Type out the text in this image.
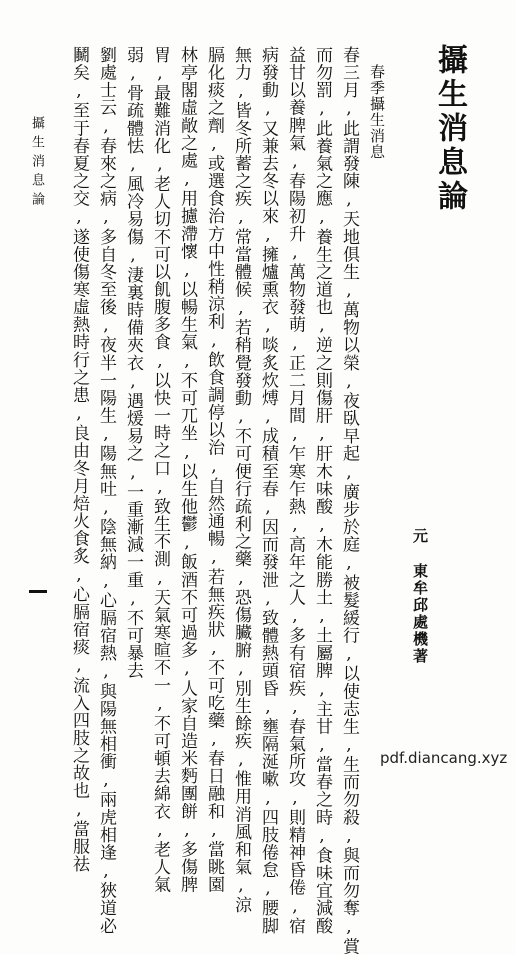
攝生消息論
元東牟邱處機著
春季攝生消息
春三月,此謂發陳,天地俱生,萬物以榮,夜臥早起,廣步於庭,被髮緩行,以使志生,生而勿殺,與而勿奪,賞
而勿罰,此養氣之應,養生之道也,逆之則傷肝,肝木味酸,木能勝土,土屬脾,主甘,當春之時,食味宜減酸
益甘以養脾氣,春陽初升,萬物發萌,正二月間,乍寒乍熱,高年之人,多有宿疾,春氣所攻,則精神昏倦,宿
病發動,又兼去冬以來,擁爐熏衣,啖炙炊煿,成積至春,因而發泄,致體熱頭昏,壅隔涎嗽,四肢倦怠,腰脚
無力,皆冬所蓄之疾,常當體候,若稍覺發動,不可便行疏利之藥,恐傷臟腑,別生餘疾,惟用消風和氣,涼
膈化痰之劑,或選食治方中性稍涼利,飲食調停以治,自然通暢,若無疾狀,不可吃藥,春日融和,當眺園
林亭閣虛敞之處,用攄滯懷,以暢生氣,不可兀坐,以生他鬱,飯酒不可過多,人家自造米麪團餅,多傷脾
胃,最難消化,老人切不可以飢腹多食,以快一時之口,致生不測,天氣寒暄不一,不可頓去綿衣,老人氣
弱,骨疏體怯,風冷易傷,淒裏時備夾衣,遇煖易之,一重漸減一重,不可暴去
劉處士云,春來之病,多自冬至後,夜半一陽生,陽無吐,陰無納,心膈宿熱,與陽無相衝,兩虎相逢,狹道必
鬭矣,至于春夏之交,遂使傷寒虛熱時行之患,良由冬月焙火食炙,心膈宿痰,流入四肢之故也,當服祛
攝生消息論
pdf.diancang.xyz
